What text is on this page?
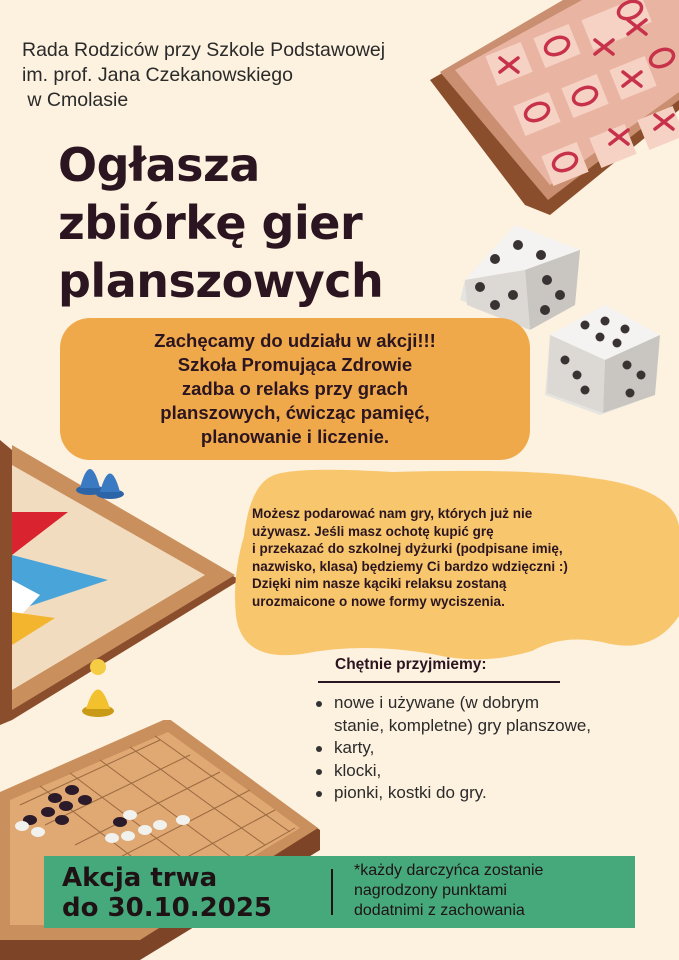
Rada Rodziców przy Szkole Podstawowej
im. prof. Jana Czekanowskiego
w Cmolasie
Ogłasza
zbiórkę gier
planszowych
Zachęcamy do udziału w akcji!!!
Szkoła Promująca Zdrowie
zadba o relaks przy grach
planszowych, ćwicząc pamięć,
planowanie i liczenie.
Możesz podarować nam gry, których już nie
używasz. Jeśli masz ochotę kupić grę
i przekazać do szkolnej dyżurki (podpisane imię,
nazwisko, klasa) będziemy Ci bardzo wdzięczni :)
Dzięki nim nasze kąciki relaksu zostaną
urozmaicone o nowe formy wyciszenia.
Chętnie przyjmiemy:
nowe i używane (w dobrym
stanie, kompletne) gry planszowe,
karty,
klocki,
pionki, kostki do gry.
Akcja trwa
do 30.10.2025
*każdy darczyńca zostanie
nagrodzony punktami
dodatnimi z zachowania
